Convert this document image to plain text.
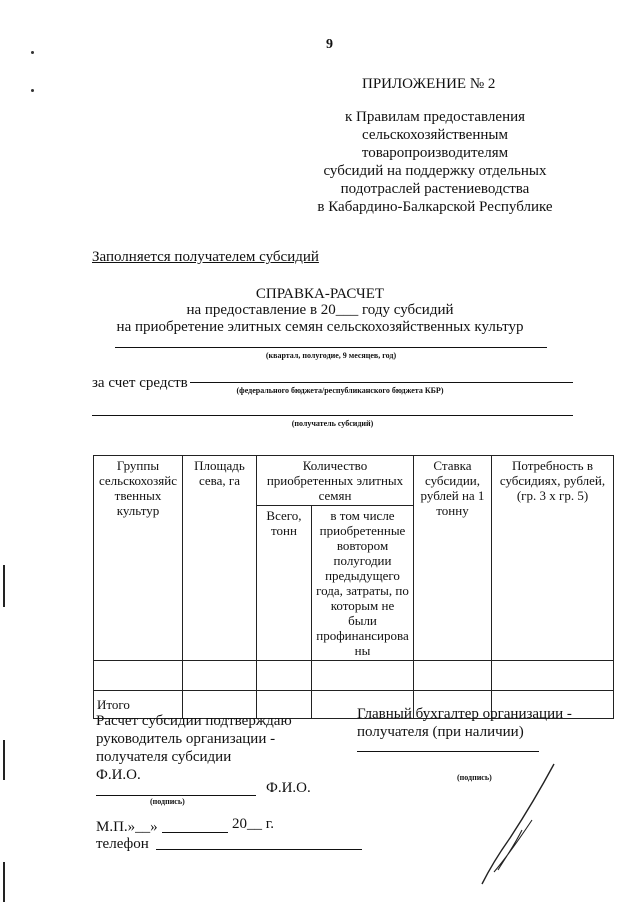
9
ПРИЛОЖЕНИЕ № 2
к Правилам предоставления
сельскохозяйственным
товаропроизводителям
субсидий на поддержку отдельных
подотраслей растениеводства
в Кабардино-Балкарской Республике
Заполняется получателем субсидий
СПРАВКА-РАСЧЕТ
на предоставление в 20___ году субсидий
на приобретение элитных семян сельскохозяйственных культур
(квартал, полугодие, 9 месяцев, год)
за счет средств	(федерального бюджета/республиканского бюджета КБР)
(получатель субсидий)
Группы сельскохозяйс твенных культур	Площадь сева, га	Количество приобретенных элитных семян		Ставка субсидии, рублей на 1 тонну	Потребность в субсидиях, рублей, (гр. 3 х гр. 5)
		Всего, тонн	в том числе приобретенные вовтором полугодии предыдущего года, затраты, по которым не были профинансирова ны		

Итого					
Расчет субсидии подтверждаю
руководитель организации -
получателя субсидии
Ф.И.О.
Ф.И.О.
(подпись)
М.П.»__»	20__ г.
телефон
Главный бухгалтер организации -
получателя (при наличии)
(подпись)
